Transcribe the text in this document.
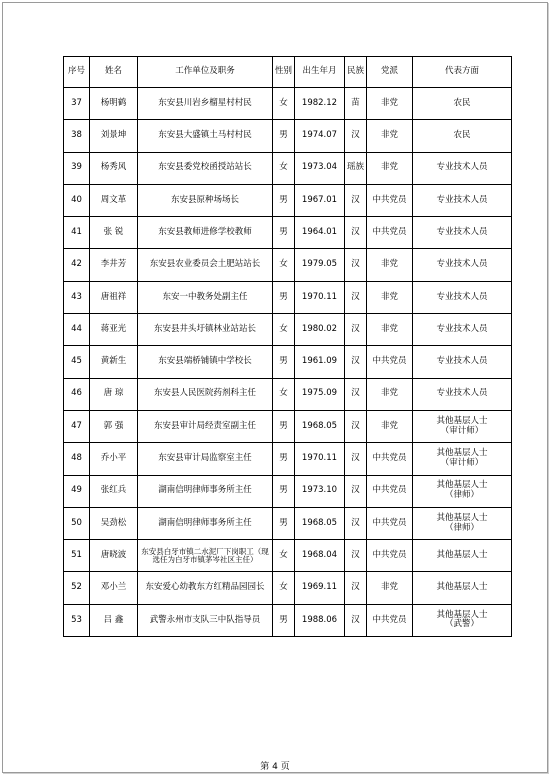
序号	姓名	工作单位及职务	性别	出生年月	民族	党派	代表方面
37	杨明鹤	东安县川岩乡榴星村村民	女	1982.12	苗	非党	农民
38	刘景坤	东安县大盛镇土马村村民	男	1974.07	汉	非党	农民
39	杨秀风	东安县委党校函授站站长	女	1973.04	瑶族	非党	专业技术人员
40	周文革	东安县原种场场长	男	1967.01	汉	中共党员	专业技术人员
41	张 锐	东安县教师进修学校教师	男	1964.01	汉	中共党员	专业技术人员
42	李井芳	东安县农业委员会土肥站站长	女	1979.05	汉	非党	专业技术人员
43	唐祖祥	东安一中教务处副主任	男	1970.11	汉	非党	专业技术人员
44	蒋亚光	东安县井头圩镇林业站站长	女	1980.02	汉	非党	专业技术人员
45	黄新生	东安县端桥铺镇中学校长	男	1961.09	汉	中共党员	专业技术人员
46	唐 琼	东安县人民医院药剂科主任	女	1975.09	汉	非党	专业技术人员
47	郭 强	东安县审计局经责室副主任	男	1968.05	汉	非党	其他基层人士
（审计师）
48	乔小平	东安县审计局监察室主任	男	1970.11	汉	中共党员	其他基层人士
（审计师）
49	张红兵	湖南信明律师事务所主任	男	1973.10	汉	中共党员	其他基层人士
（律师）
50	吴劲松	湖南信明律师事务所主任	男	1968.05	汉	中共党员	其他基层人士
（律师）
51	唐晓波	东安县白牙市镇二水泥厂下岗职工（现选任为白牙市镇茅岑社区主任）	女	1968.04	汉	中共党员	其他基层人士
52	邓小兰	东安爱心幼教东方红精品园园长	女	1969.11	汉	非党	其他基层人士
53	吕 鑫	武警永州市支队三中队指导员	男	1988.06	汉	中共党员	其他基层人士
（武警）
第 4 页
